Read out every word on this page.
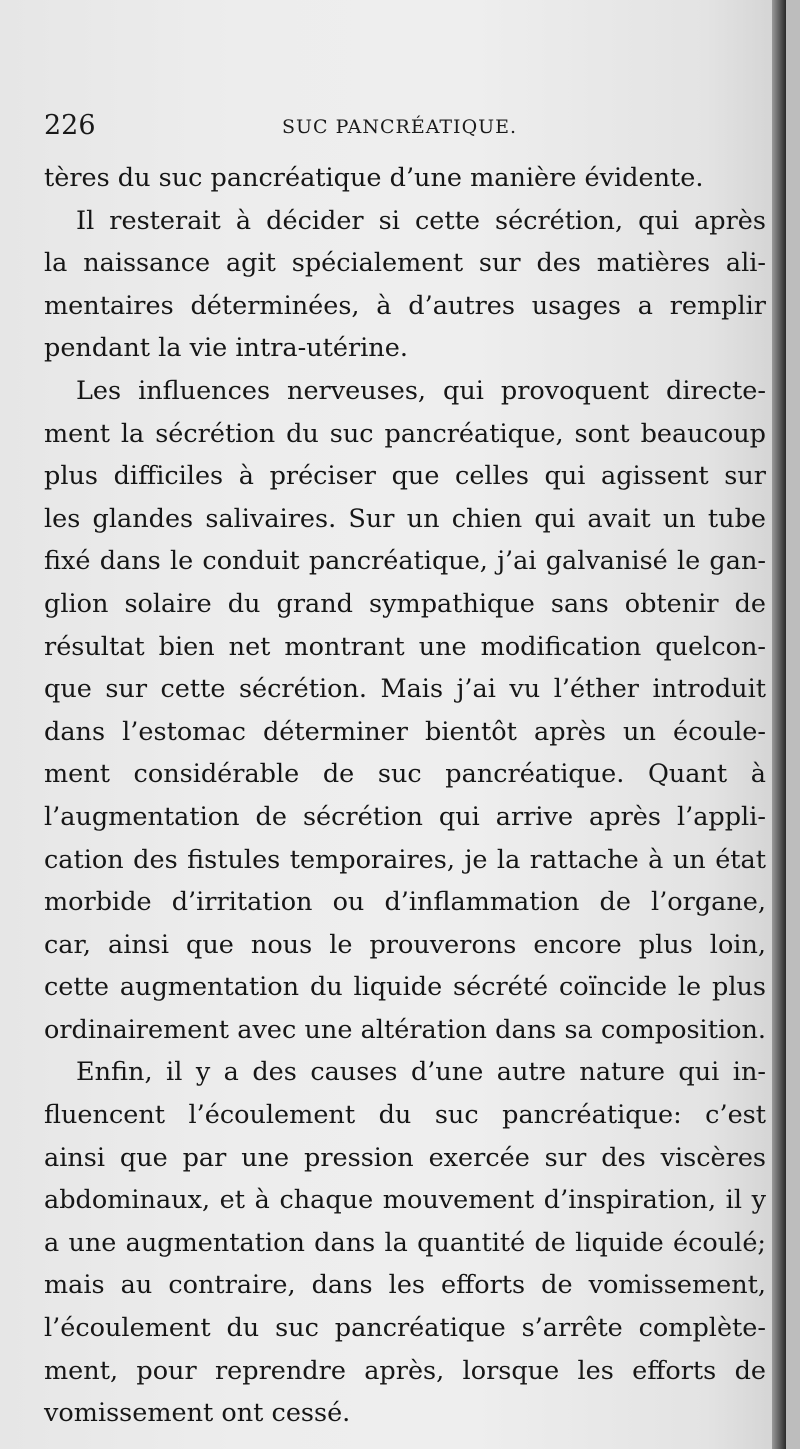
226	SUC PANCRÉATIQUE.
tères du suc pancréatique d’une manière évidente.
Il resterait à décider si cette sécrétion, qui après
la naissance agit spécialement sur des matières ali-
mentaires déterminées, à d’autres usages a remplir
pendant la vie intra-utérine.
Les influences nerveuses, qui provoquent directe-
ment la sécrétion du suc pancréatique, sont beaucoup
plus difficiles à préciser que celles qui agissent sur
les glandes salivaires. Sur un chien qui avait un tube
fixé dans le conduit pancréatique, j’ai galvanisé le gan-
glion solaire du grand sympathique sans obtenir de
résultat bien net montrant une modification quelcon-
que sur cette sécrétion. Mais j’ai vu l’éther introduit
dans l’estomac déterminer bientôt après un écoule-
ment considérable de suc pancréatique. Quant à
l’augmentation de sécrétion qui arrive après l’appli-
cation des fistules temporaires, je la rattache à un état
morbide d’irritation ou d’inflammation de l’organe,
car, ainsi que nous le prouverons encore plus loin,
cette augmentation du liquide sécrété coïncide le plus
ordinairement avec une altération dans sa composition.
Enfin, il y a des causes d’une autre nature qui in-
fluencent l’écoulement du suc pancréatique: c’est
ainsi que par une pression exercée sur des viscères
abdominaux, et à chaque mouvement d’inspiration, il y
a une augmentation dans la quantité de liquide écoulé;
mais au contraire, dans les efforts de vomissement,
l’écoulement du suc pancréatique s’arrête complète-
ment, pour reprendre après, lorsque les efforts de
vomissement ont cessé.
